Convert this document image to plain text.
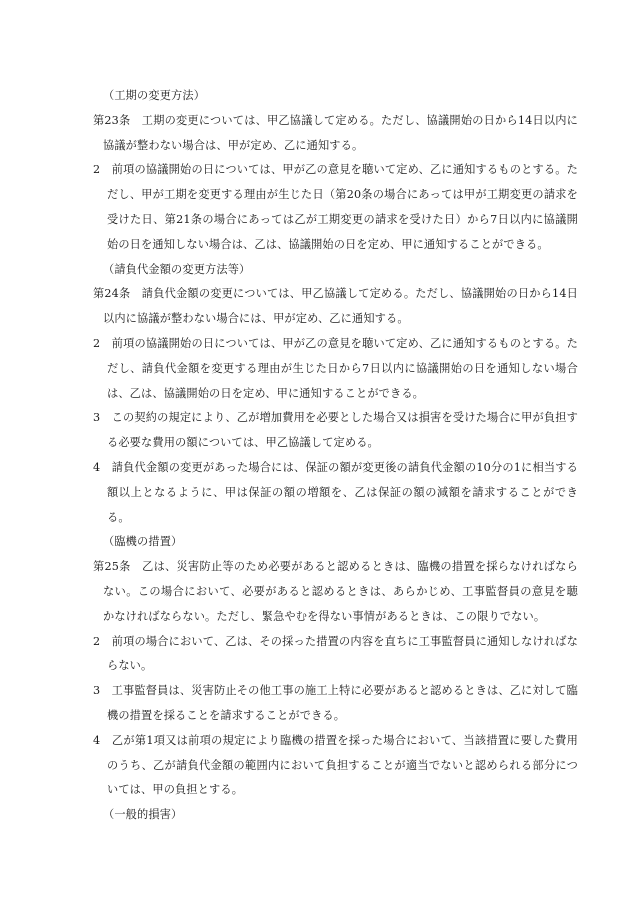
（工期の変更方法）

第23条　工期の変更については、甲乙協議して定める。ただし、協議開始の日から14日以内に協議が整わない場合は、甲が定め、乙に通知する。

2　前項の協議開始の日については、甲が乙の意見を聴いて定め、乙に通知するものとする。ただし、甲が工期を変更する理由が生じた日（第20条の場合にあっては甲が工期変更の請求を受けた日、第21条の場合にあっては乙が工期変更の請求を受けた日）から7日以内に協議開始の日を通知しない場合は、乙は、協議開始の日を定め、甲に通知することができる。

（請負代金額の変更方法等）

第24条　請負代金額の変更については、甲乙協議して定める。ただし、協議開始の日から14日以内に協議が整わない場合には、甲が定め、乙に通知する。

2　前項の協議開始の日については、甲が乙の意見を聴いて定め、乙に通知するものとする。ただし、請負代金額を変更する理由が生じた日から7日以内に協議開始の日を通知しない場合は、乙は、協議開始の日を定め、甲に通知することができる。

3　この契約の規定により、乙が増加費用を必要とした場合又は損害を受けた場合に甲が負担する必要な費用の額については、甲乙協議して定める。

4　請負代金額の変更があった場合には、保証の額が変更後の請負代金額の10分の1に相当する額以上となるように、甲は保証の額の増額を、乙は保証の額の減額を請求することができる。

（臨機の措置）

第25条　乙は、災害防止等のため必要があると認めるときは、臨機の措置を採らなければならない。この場合において、必要があると認めるときは、あらかじめ、工事監督員の意見を聴かなければならない。ただし、緊急やむを得ない事情があるときは、この限りでない。

2　前項の場合において、乙は、その採った措置の内容を直ちに工事監督員に通知しなければならない。

3　工事監督員は、災害防止その他工事の施工上特に必要があると認めるときは、乙に対して臨機の措置を採ることを請求することができる。

4　乙が第1項又は前項の規定により臨機の措置を採った場合において、当該措置に要した費用のうち、乙が請負代金額の範囲内において負担することが適当でないと認められる部分については、甲の負担とする。

（一般的損害）
